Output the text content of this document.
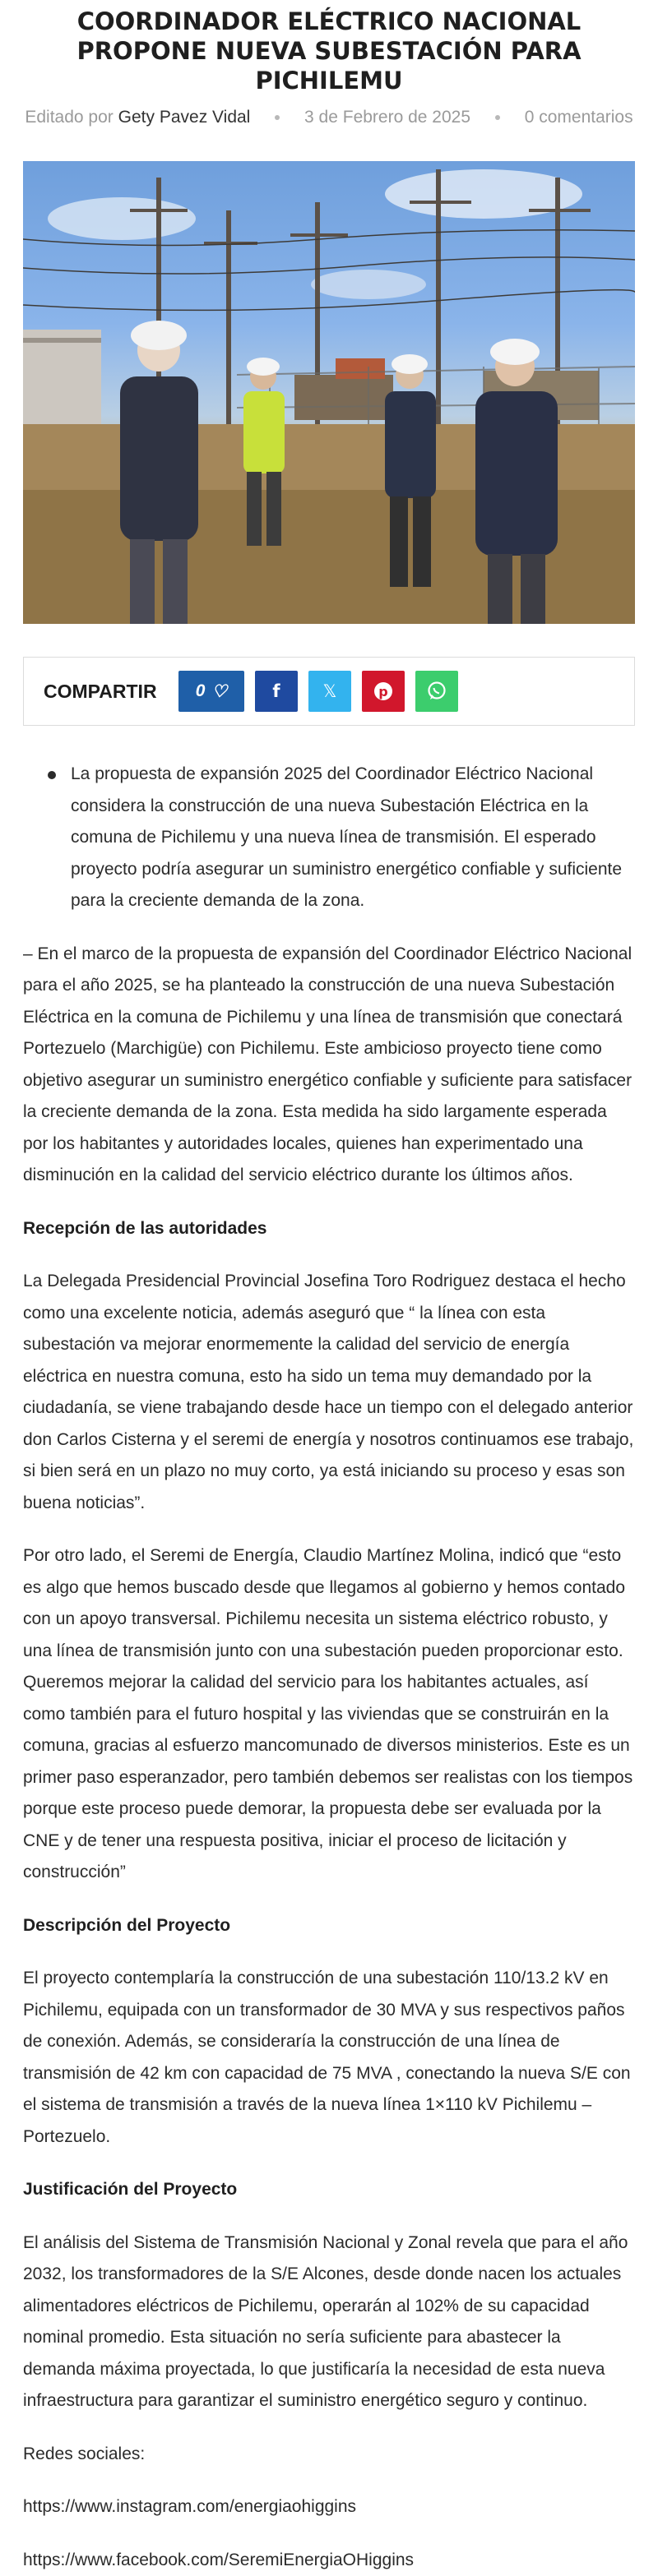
COORDINADOR ELÉCTRICO NACIONAL PROPONE NUEVA SUBESTACIÓN PARA PICHILEMU
Editado por Gety Pavez Vidal	3 de Febrero de 2025	0 comentarios
COMPARTIR	0 ♡	f 𝕏	p
La propuesta de expansión 2025 del Coordinador Eléctrico Nacional considera la construcción de una nueva Subestación Eléctrica en la comuna de Pichilemu y una nueva línea de transmisión. El esperado proyecto podría asegurar un suministro energético confiable y suficiente para la creciente demanda de la zona.

– En el marco de la propuesta de expansión del Coordinador Eléctrico Nacional para el año 2025, se ha planteado la construcción de una nueva Subestación Eléctrica en la comuna de Pichilemu y una línea de transmisión que conectará Portezuelo (Marchigüe) con Pichilemu. Este ambicioso proyecto tiene como objetivo asegurar un suministro energético confiable y suficiente para satisfacer la creciente demanda de la zona. Esta medida ha sido largamente esperada por los habitantes y autoridades locales, quienes han experimentado una disminución en la calidad del servicio eléctrico durante los últimos años.

Recepción de las autoridades

La Delegada Presidencial Provincial Josefina Toro Rodriguez destaca el hecho como una excelente noticia, además aseguró que “ la línea con esta subestación va mejorar enormemente la calidad del servicio de energía eléctrica en nuestra comuna, esto ha sido un tema muy demandado por la ciudadanía, se viene trabajando desde hace un tiempo con el delegado anterior don Carlos Cisterna y el seremi de energía y nosotros continuamos ese trabajo, si bien será en un plazo no muy corto, ya está iniciando su proceso y esas son buena noticias”.

Por otro lado, el Seremi de Energía, Claudio Martínez Molina, indicó que “esto es algo que hemos buscado desde que llegamos al gobierno y hemos contado con un apoyo transversal. Pichilemu necesita un sistema eléctrico robusto, y una línea de transmisión junto con una subestación pueden proporcionar esto. Queremos mejorar la calidad del servicio para los habitantes actuales, así como también para el futuro hospital y las viviendas que se construirán en la comuna, gracias al esfuerzo mancomunado de diversos ministerios. Este es un primer paso esperanzador, pero también debemos ser realistas con los tiempos porque este proceso puede demorar, la propuesta debe ser evaluada por la CNE y de tener una respuesta positiva, iniciar el proceso de licitación y construcción”

Descripción del Proyecto

El proyecto contemplaría la construcción de una subestación 110/13.2 kV en Pichilemu, equipada con un transformador de 30 MVA y sus respectivos paños de conexión. Además, se consideraría la construcción de una línea de transmisión de 42 km con capacidad de 75 MVA , conectando la nueva S/E con el sistema de transmisión a través de la nueva línea 1×110 kV Pichilemu – Portezuelo.

Justificación del Proyecto

El análisis del Sistema de Transmisión Nacional y Zonal revela que para el año 2032, los transformadores de la S/E Alcones, desde donde nacen los actuales alimentadores eléctricos de Pichilemu, operarán al 102% de su capacidad nominal promedio. Esta situación no sería suficiente para abastecer la demanda máxima proyectada, lo que justificaría la necesidad de esta nueva infraestructura para garantizar el suministro energético seguro y continuo.

Redes sociales:

https://www.instagram.com/energiaohiggins

https://www.facebook.com/SeremiEnergiaOHiggins
